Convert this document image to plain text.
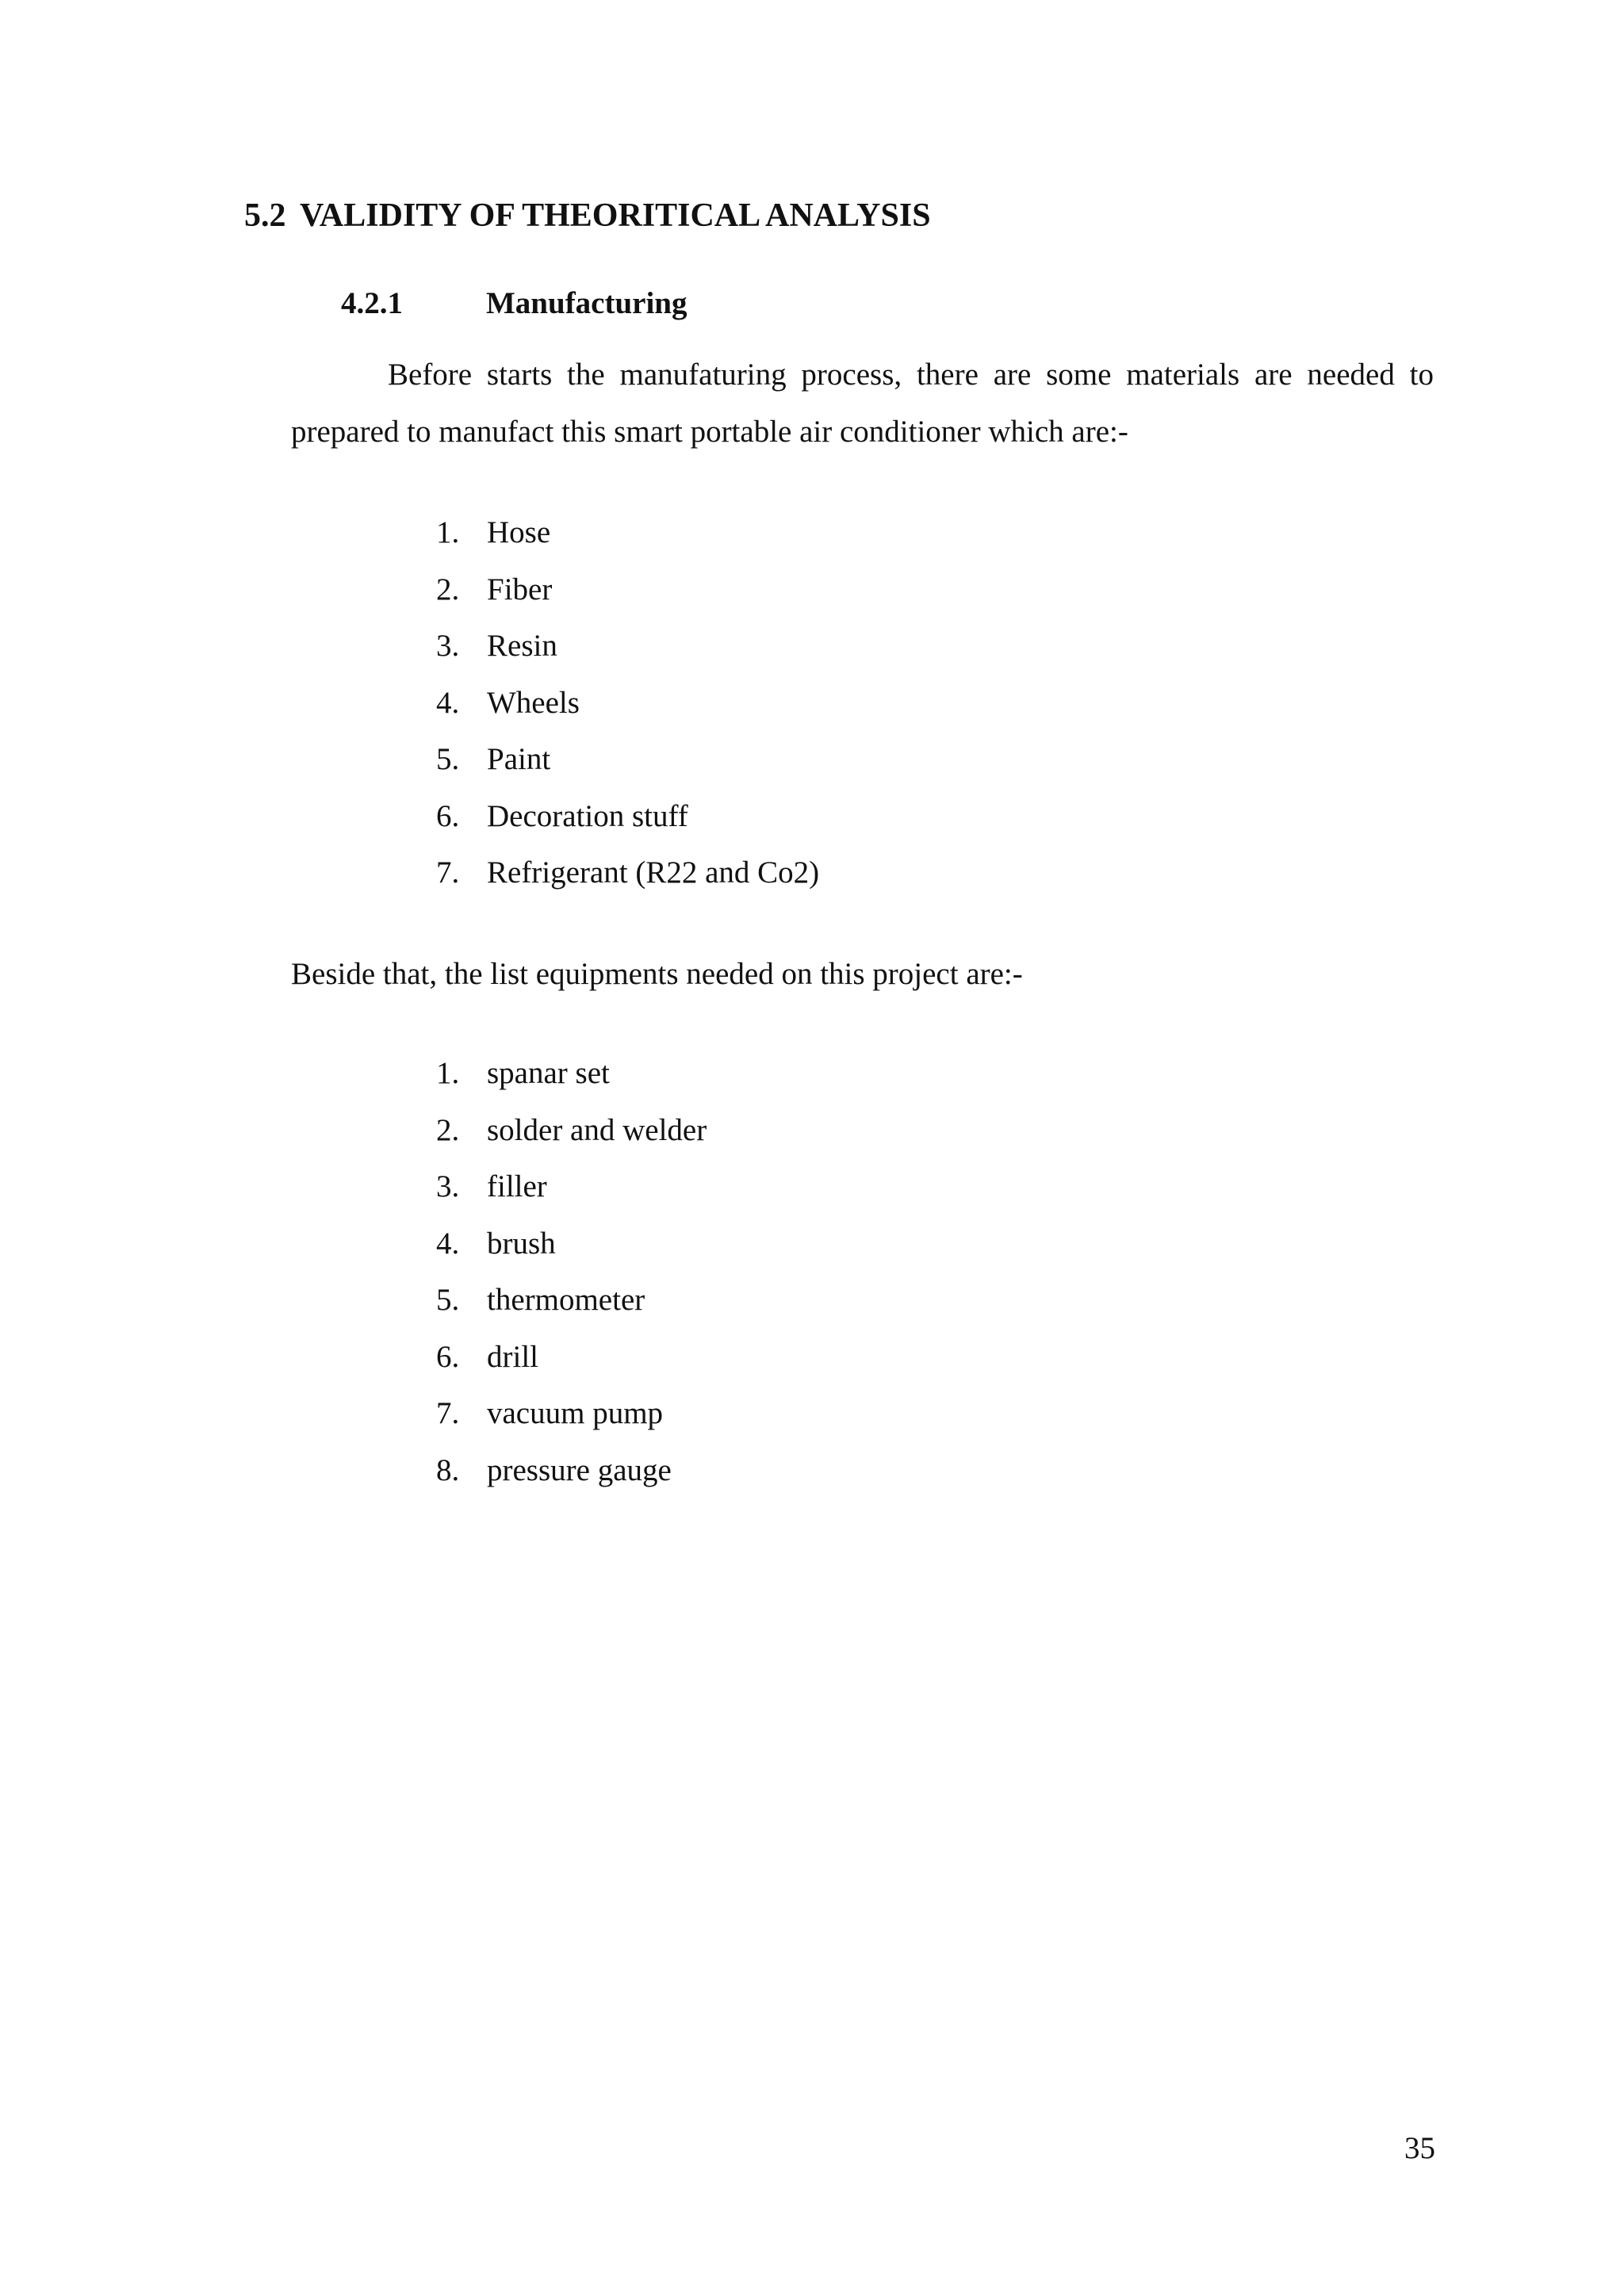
5.2 VALIDITY OF THEORITICAL ANALYSIS
4.2.1	Manufacturing

Before starts the manufaturing process, there are some materials are needed to prepared to manufact this smart portable air conditioner which are:-

1. Hose
2. Fiber
3. Resin
4. Wheels
5. Paint
6. Decoration stuff
7. Refrigerant (R22 and Co2)

Beside that, the list equipments needed on this project are:-

1. spanar set
2. solder and welder
3. filler
4. brush
5. thermometer
6. drill
7. vacuum pump
8. pressure gauge
35
